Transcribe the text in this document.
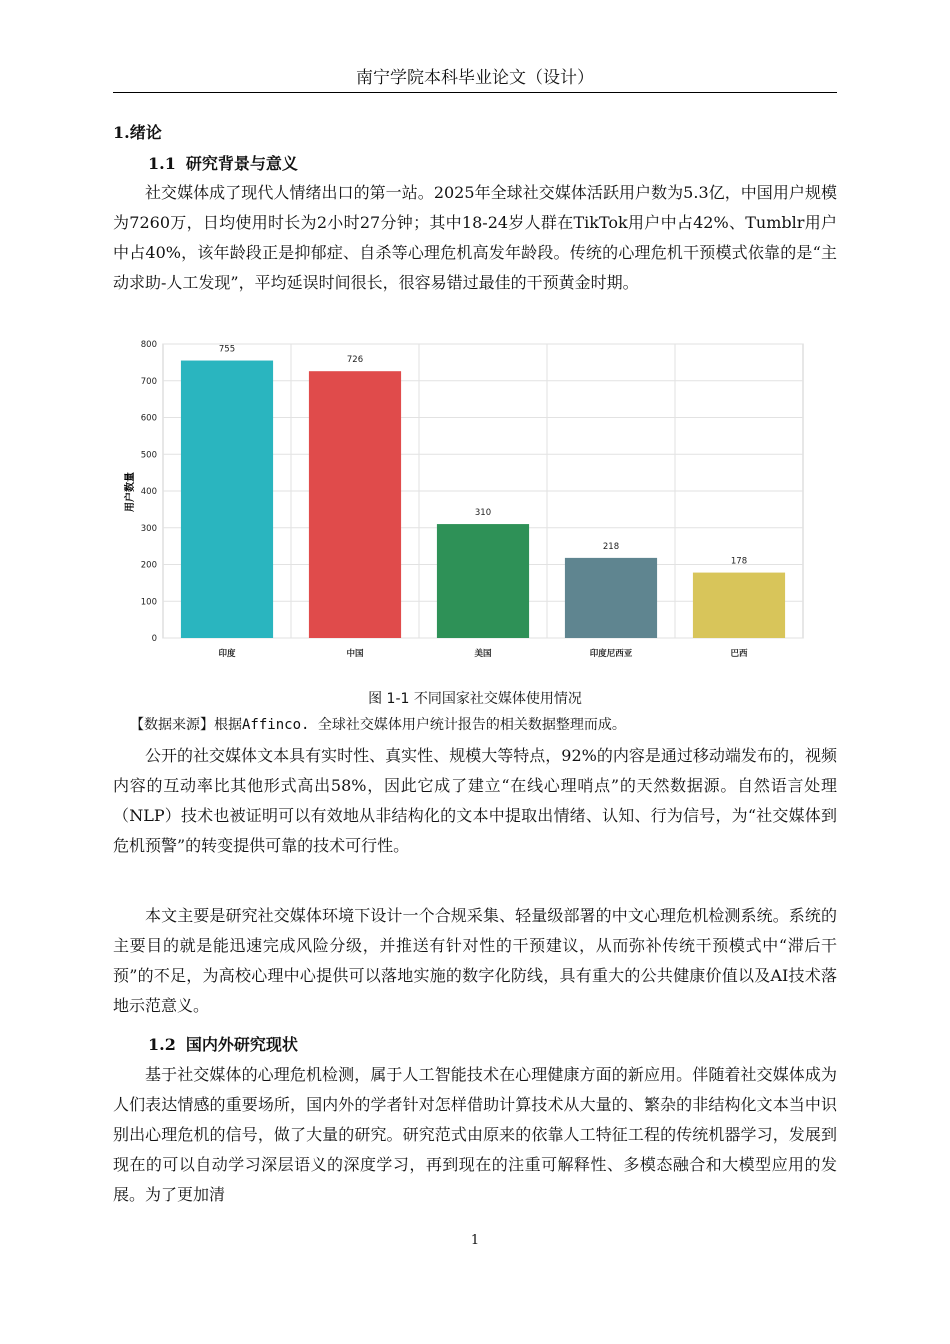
南宁学院本科毕业论文（设计）
1.绪论
1.1 研究背景与意义

社交媒体成了现代人情绪出口的第一站。2025年全球社交媒体活跃用户数为5.3亿，中国用户规模为7260万，日均使用时长为2小时27分钟；其中18-24岁人群在TikTok用户中占42%、Tumblr用户中占40%，该年龄段正是抑郁症、自杀等心理危机高发年龄段。传统的心理危机干预模式依靠的是“主动求助-人工发现”，平均延误时间很长，很容易错过最佳的干预黄金时期。

755
726
310
218
178
0
100
200
300
400
500
600
700
800
印度	中国	美国	印度尼西亚	巴西
用户数量
图 1-1 不同国家社交媒体使用情况
【数据来源】根据Affinco. 全球社交媒体用户统计报告的相关数据整理而成。

公开的社交媒体文本具有实时性、真实性、规模大等特点，92%的内容是通过移动端发布的，视频内容的互动率比其他形式高出58%，因此它成了建立“在线心理哨点”的天然数据源。自然语言处理（NLP）技术也被证明可以有效地从非结构化的文本中提取出情绪、认知、行为信号，为“社交媒体到危机预警”的转变提供可靠的技术可行性。

本文主要是研究社交媒体环境下设计一个合规采集、轻量级部署的中文心理危机检测系统。系统的主要目的就是能迅速完成风险分级，并推送有针对性的干预建议，从而弥补传统干预模式中“滞后干预”的不足，为高校心理中心提供可以落地实施的数字化防线，具有重大的公共健康价值以及AI技术落地示范意义。

1.2 国内外研究现状

基于社交媒体的心理危机检测，属于人工智能技术在心理健康方面的新应用。伴随着社交媒体成为人们表达情感的重要场所，国内外的学者针对怎样借助计算技术从大量的、繁杂的非结构化文本当中识别出心理危机的信号，做了大量的研究。研究范式由原来的依靠人工特征工程的传统机器学习，发展到现在的可以自动学习深层语义的深度学习，再到现在的注重可解释性、多模态融合和大模型应用的发展。为了更加清

1
